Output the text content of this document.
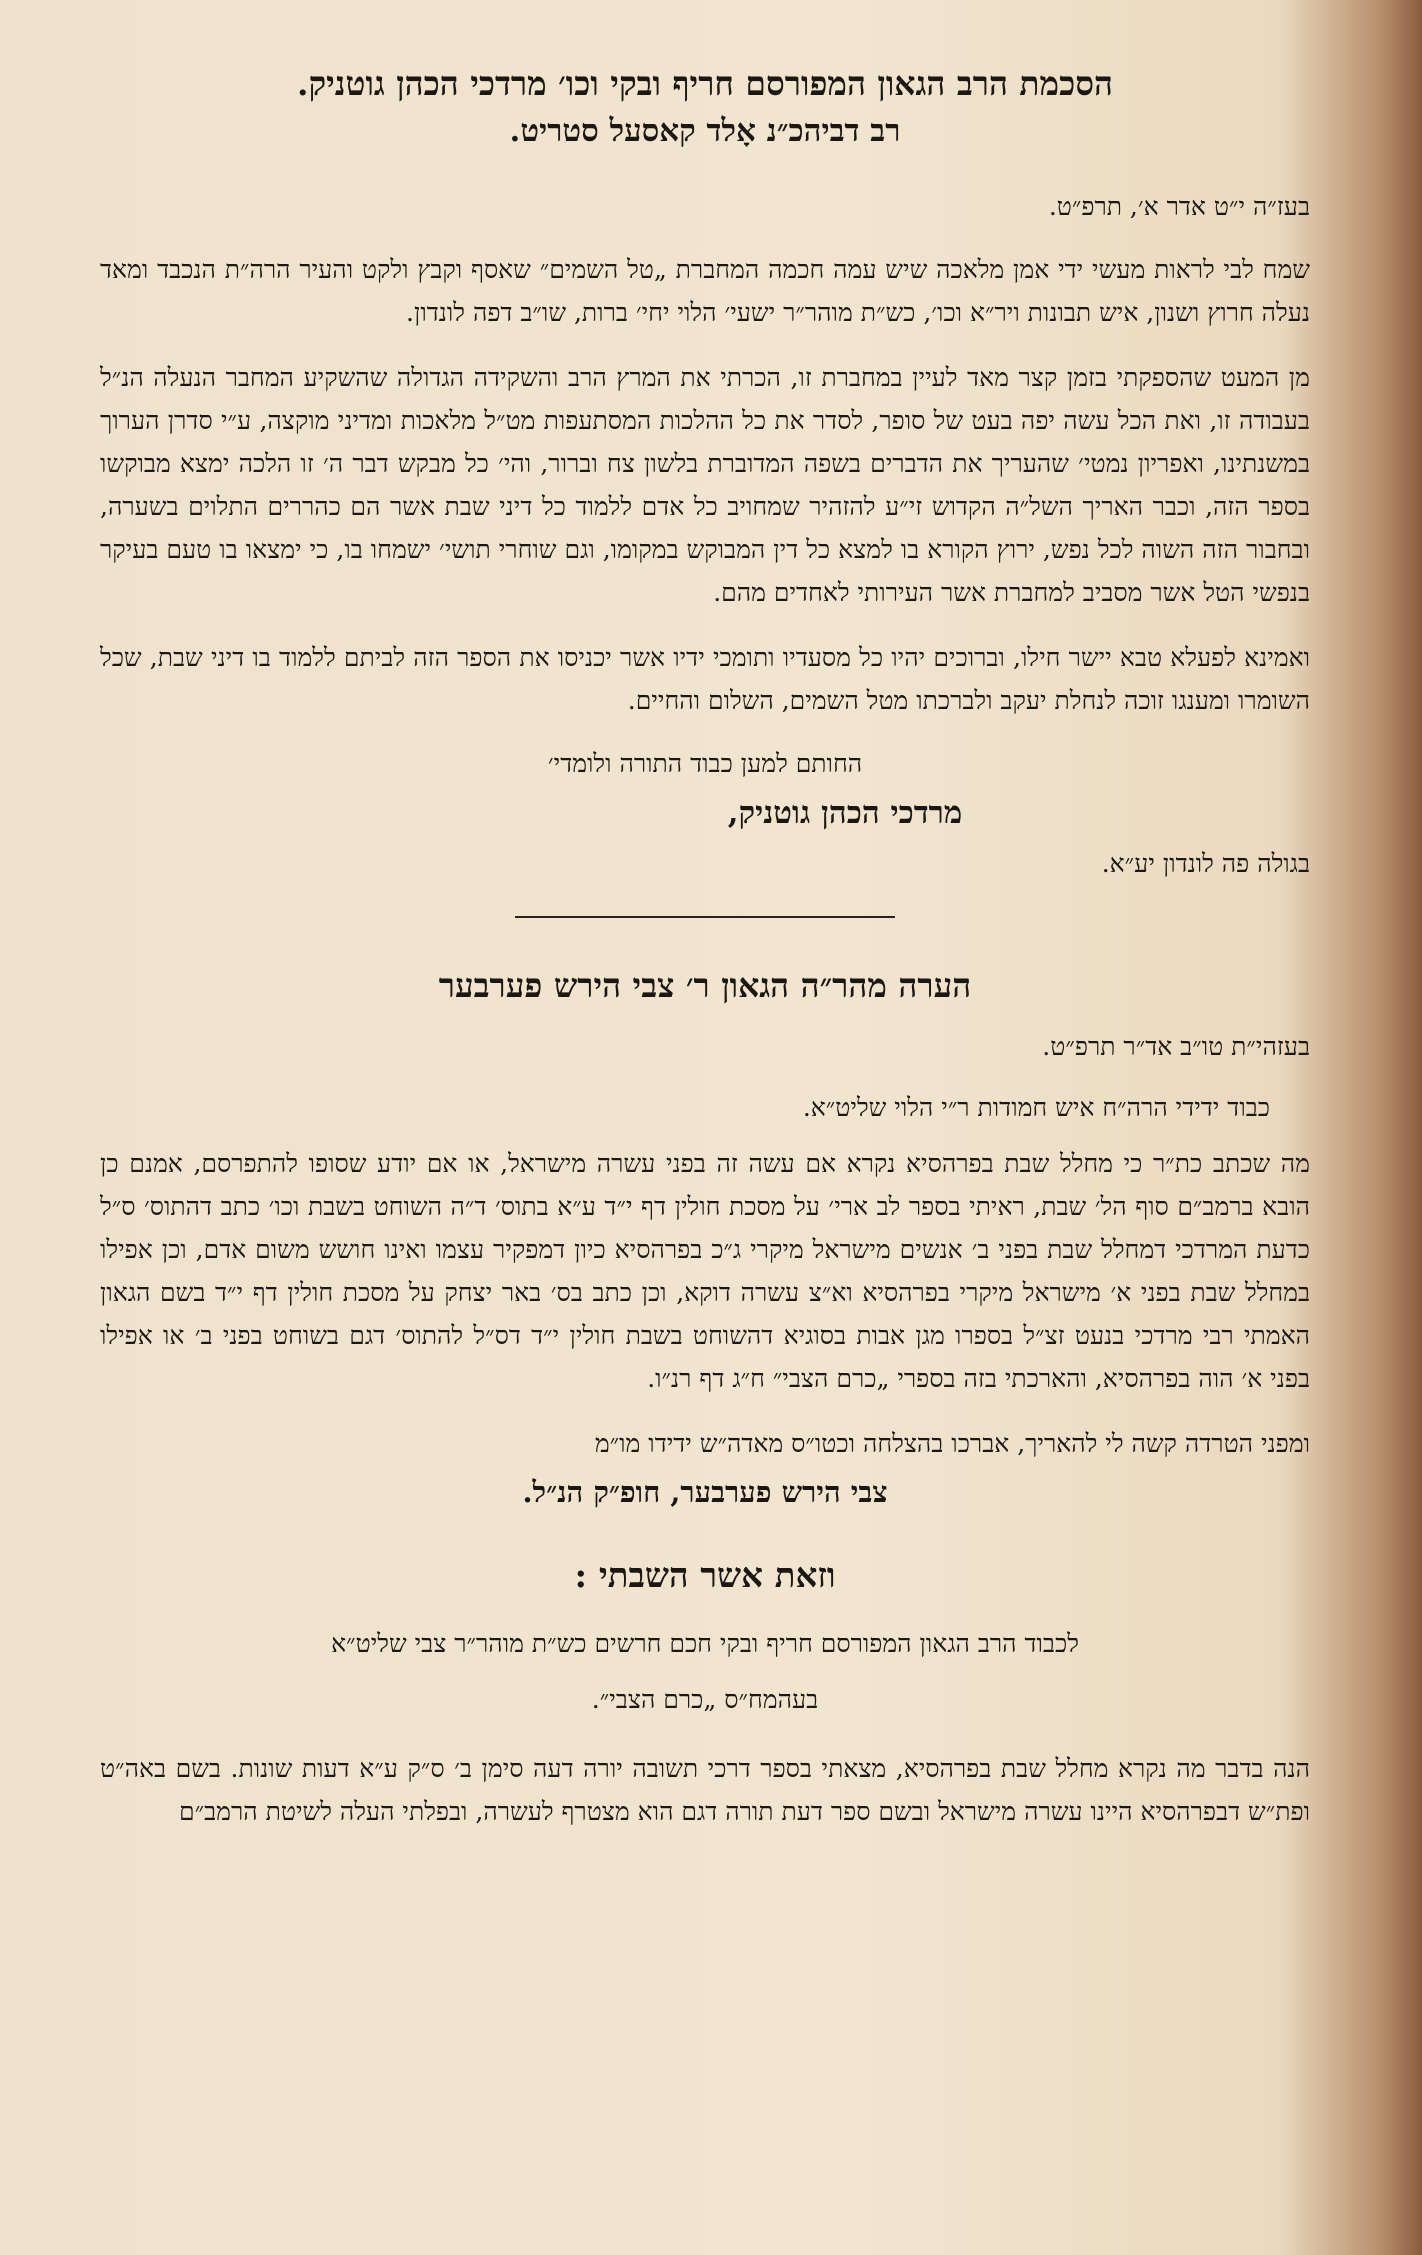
הסכמת הרב הגאון המפורסם חריף ובקי וכו׳ מרדכי הכהן גוטניק.
רב דביהכ״נ אָלד קאסעל סטריט.

בעז״ה י״ט אדר א׳, תרפ״ט.

שמח לבי לראות מעשי ידי אמן מלאכה שיש עמה חכמה המחברת „טל השמים״ שאסף וקבץ ולקט והעיר הרה״ת הנכבד ומאד נעלה חרוץ ושנון, איש תבונות ויר״א וכו׳, כש״ת מוהר״ר ישעי׳ הלוי יחי׳ ברות, שו״ב דפה לונדון.

מן המעט שהספקתי בזמן קצר מאד לעיין במחברת זו, הכרתי את המרץ הרב והשקידה הגדולה שהשקיע המחבר הנעלה הנ״ל בעבודה זו, ואת הכל עשה יפה בעט של סופר, לסדר את כל ההלכות המסתעפות מט״ל מלאכות ומדיני מוקצה, ע״י סדרן הערוך במשנתינו, ואפריון נמטי׳ שהעריך את הדברים בשפה המדוברת בלשון צח וברור, והי׳ כל מבקש דבר ה׳ זו הלכה ימצא מבוקשו בספר הזה, וכבר האריך השל״ה הקדוש זי״ע להזהיר שמחויב כל אדם ללמוד כל דיני שבת אשר הם כהררים התלוים בשערה, ובחבור הזה השוה לכל נפש, ירוץ הקורא בו למצא כל דין המבוקש במקומו, וגם שוחרי תושי׳ ישמחו בו, כי ימצאו בו טעם בעיקר בנפשי הטל אשר מסביב למחברת אשר העירותי לאחדים מהם.

ואמינא לפעלא טבא יישר חילו, וברוכים יהיו כל מסעדיו ותומכי ידיו אשר יכניסו את הספר הזה לביתם ללמוד בו דיני שבת, שכל השומרו ומענגו זוכה לנחלת יעקב ולברכתו מטל השמים, השלום והחיים.

החותם למען כבוד התורה ולומדי׳

מרדכי הכהן גוטניק,

בגולה פה לונדון יע״א.

הערה מהר״ה הגאון ר׳ צבי הירש פערבער

בעזהי״ת טו״ב אד״ר תרפ״ט.

כבוד ידידי הרה״ח איש חמודות ר״י הלוי שליט״א.

מה שכתב כת״ר כי מחלל שבת בפרהסיא נקרא אם עשה זה בפני עשרה מישראל, או אם יודע שסופו להתפרסם, אמנם כן הובא ברמב״ם סוף הל׳ שבת, ראיתי בספר לב ארי׳ על מסכת חולין דף י״ד ע״א בתוס׳ ד״ה השוחט בשבת וכו׳ כתב דהתוס׳ ס״ל כדעת המרדכי דמחלל שבת בפני ב׳ אנשים מישראל מיקרי ג״כ בפרהסיא כיון דמפקיר עצמו ואינו חושש משום אדם, וכן אפילו במחלל שבת בפני א׳ מישראל מיקרי בפרהסיא וא״צ עשרה דוקא, וכן כתב בס׳ באר יצחק על מסכת חולין דף י״ד בשם הגאון האמתי רבי מרדכי בנעט זצ״ל בספרו מגן אבות בסוגיא דהשוחט בשבת חולין י״ד דס״ל להתוס׳ דגם בשוחט בפני ב׳ או אפילו בפני א׳ הוה בפרהסיא, והארכתי בזה בספרי „כרם הצבי״ ח״ג דף רנ״ו.

ומפני הטרדה קשה לי להאריך, אברכו בהצלחה וכטו״ס מאדה״ש ידידו מו״מ

צבי הירש פערבער, חופ״ק הנ״ל.

וזאת אשר השבתי :

לכבוד הרב הגאון המפורסם חריף ובקי חכם חרשים כש״ת מוהר״ר צבי שליט״א

בעהמח״ס „כרם הצבי״.

הנה בדבר מה נקרא מחלל שבת בפרהסיא, מצאתי בספר דרכי תשובה יורה דעה סימן ב׳ ס״ק ע״א דעות שונות. בשם באה״ט ופת״ש דבפרהסיא היינו עשרה מישראל ובשם ספר דעת תורה דגם הוא מצטרף לעשרה, ובפלתי העלה לשיטת הרמב״ם
